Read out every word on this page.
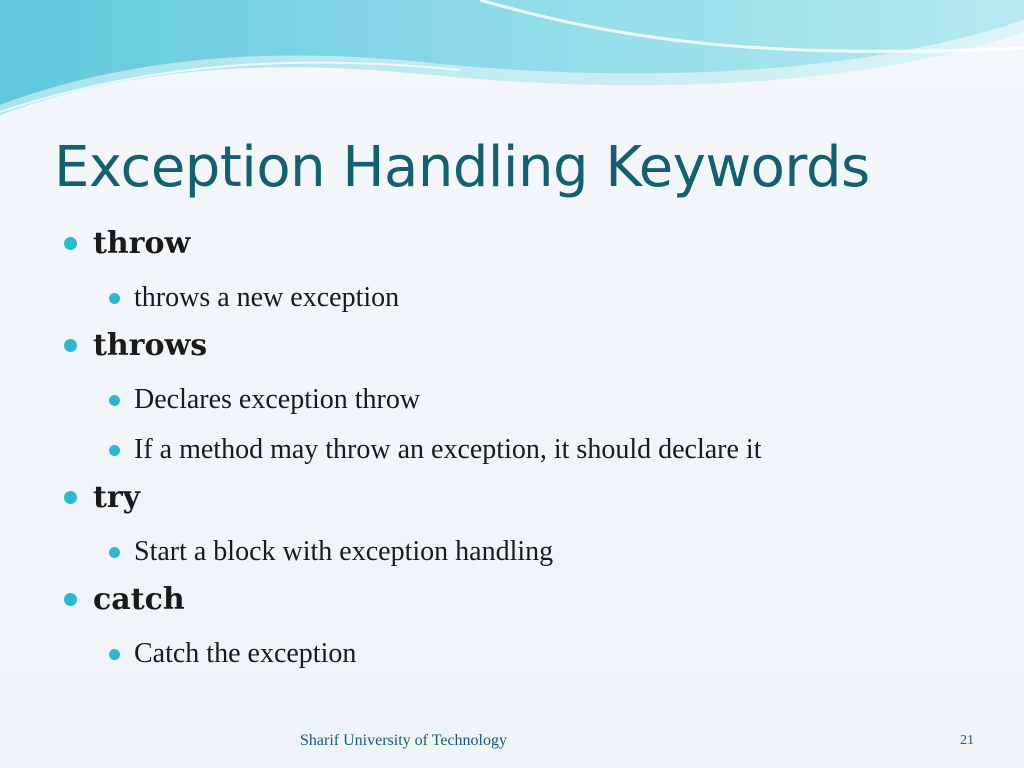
Exception Handling Keywords
throw
throws a new exception
throws
Declares exception throw
If a method may throw an exception, it should declare it
try
Start a block with exception handling
catch
Catch the exception
Sharif University of Technology	21
